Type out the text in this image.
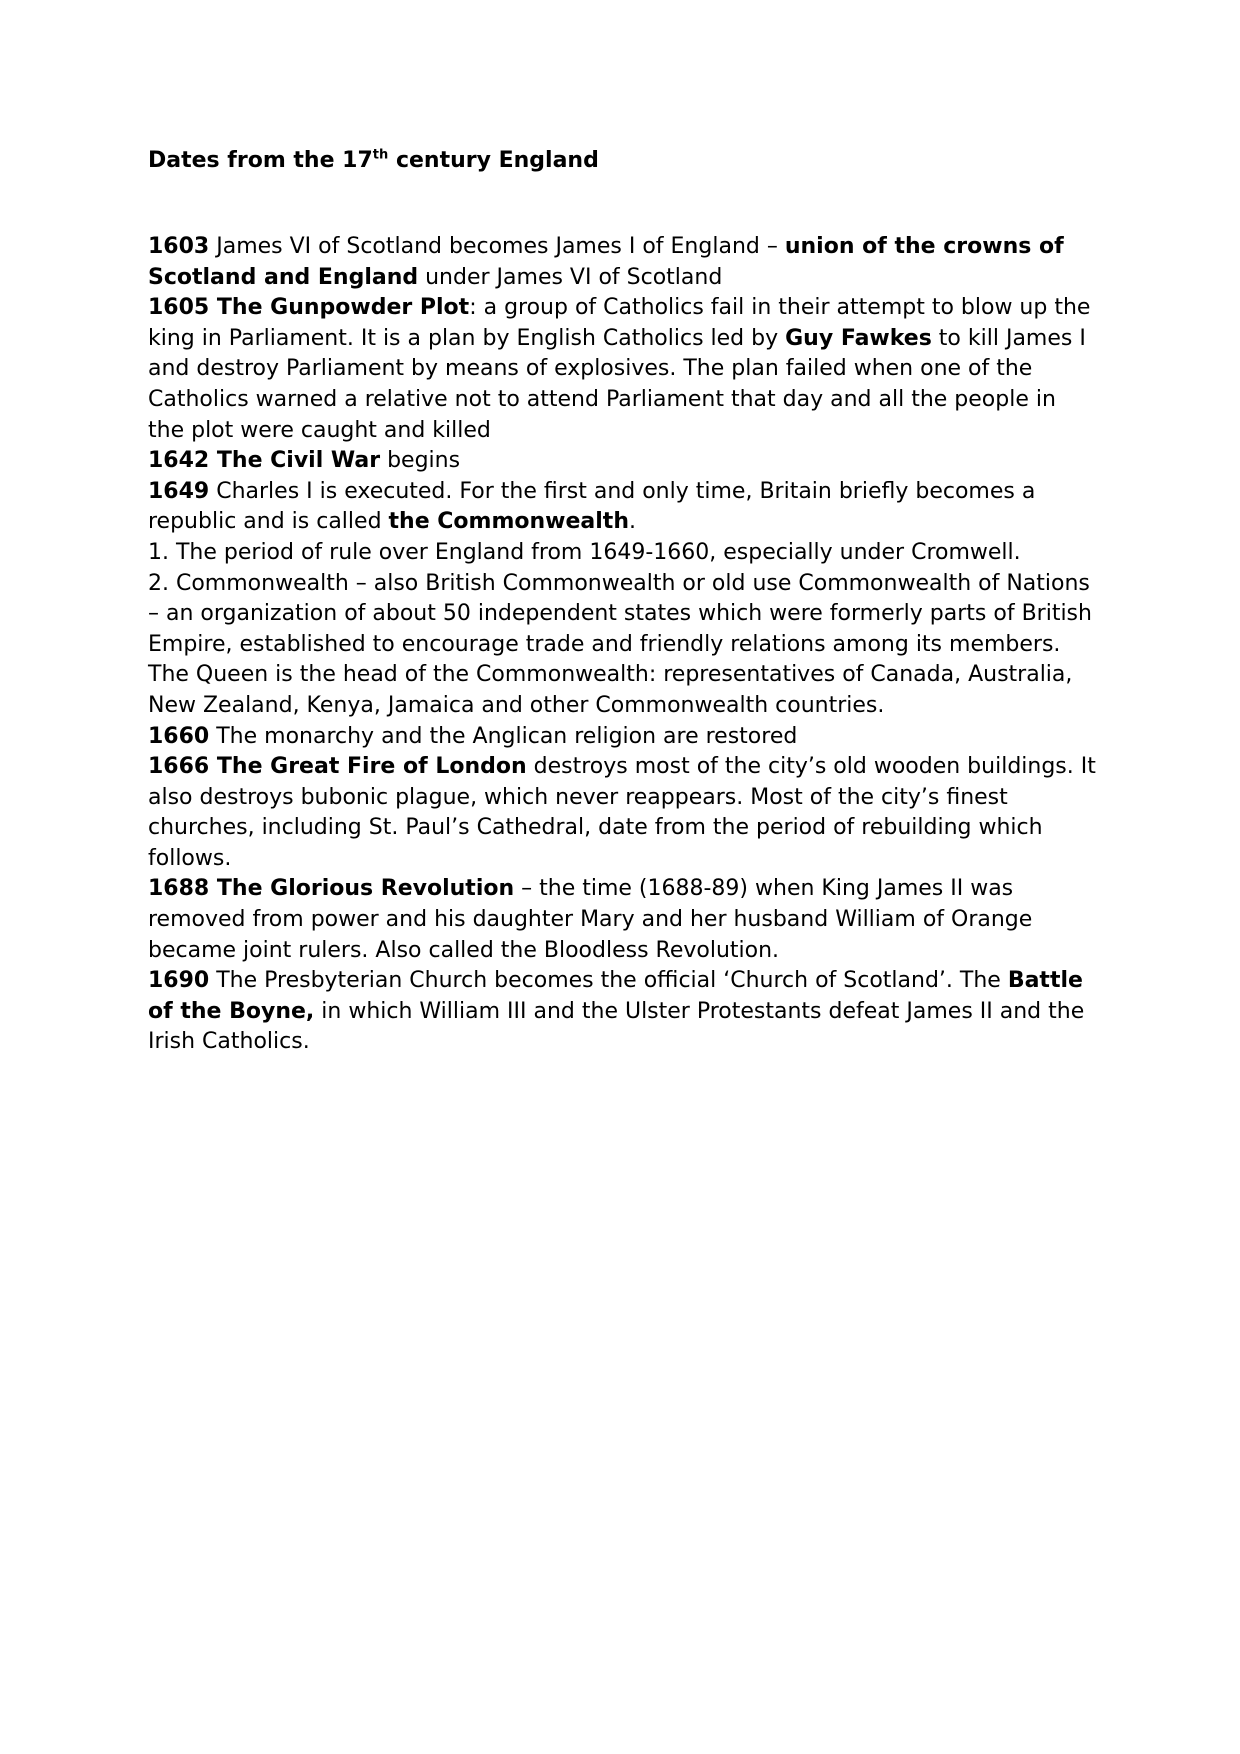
Dates from the 17th century England

1603 James VI of Scotland becomes James I of England – union of the crowns of Scotland and England under James VI of Scotland

1605 The Gunpowder Plot: a group of Catholics fail in their attempt to blow up the king in Parliament. It is a plan by English Catholics led by Guy Fawkes to kill James I and destroy Parliament by means of explosives. The plan failed when one of the Catholics warned a relative not to attend Parliament that day and all the people in the plot were caught and killed

1642 The Civil War begins

1649 Charles I is executed. For the first and only time, Britain briefly becomes a republic and is called the Commonwealth.

1. The period of rule over England from 1649-1660, especially under Cromwell.

2. Commonwealth – also British Commonwealth or old use Commonwealth of Nations – an organization of about 50 independent states which were formerly parts of British Empire, established to encourage trade and friendly relations among its members. The Queen is the head of the Commonwealth: representatives of Canada, Australia, New Zealand, Kenya, Jamaica and other Commonwealth countries.

1660 The monarchy and the Anglican religion are restored

1666 The Great Fire of London destroys most of the city’s old wooden buildings. It also destroys bubonic plague, which never reappears. Most of the city’s finest churches, including St. Paul’s Cathedral, date from the period of rebuilding which follows.

1688 The Glorious Revolution – the time (1688-89) when King James II was removed from power and his daughter Mary and her husband William of Orange became joint rulers. Also called the Bloodless Revolution.

1690 The Presbyterian Church becomes the official ‘Church of Scotland’. The Battle of the Boyne, in which William III and the Ulster Protestants defeat James II and the Irish Catholics.
